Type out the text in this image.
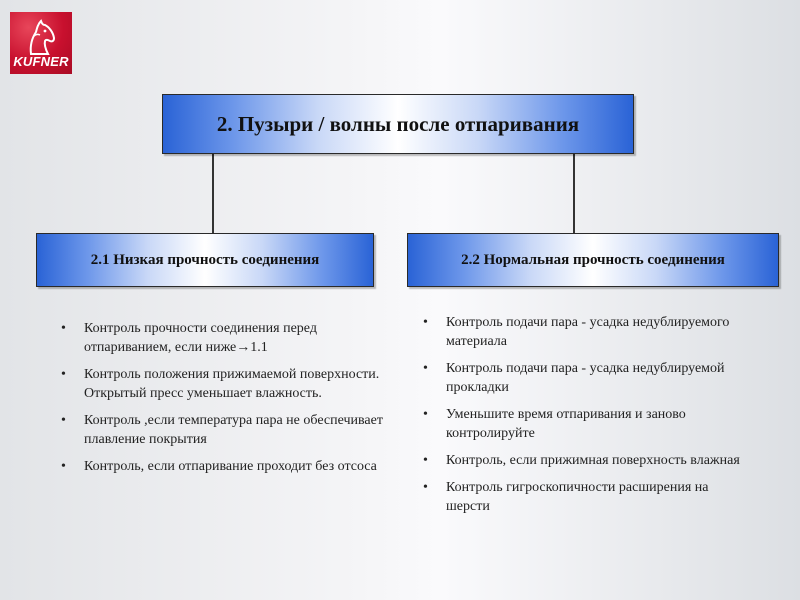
KUFNER
2. Пузыри / волны после отпаривания
2.1 Низкая прочность соединения	2.2 Нормальная прочность соединения
• Контроль прочности соединения перед отпариванием, если ниже→1.1
• Контроль положения прижимаемой поверхности. Открытый пресс уменьшает влажность.
• Контроль ,если температура пара не обеспечивает плавление покрытия
• Контроль, если отпаривание проходит без отсоса
• Контроль подачи пара - усадка недублируемого материала
• Контроль подачи пара - усадка недублируемой прокладки
• Уменьшите время отпаривания и заново контролируйте
• Контроль, если прижимная поверхность влажная
• Контроль гигроскопичности расширения на шерсти
